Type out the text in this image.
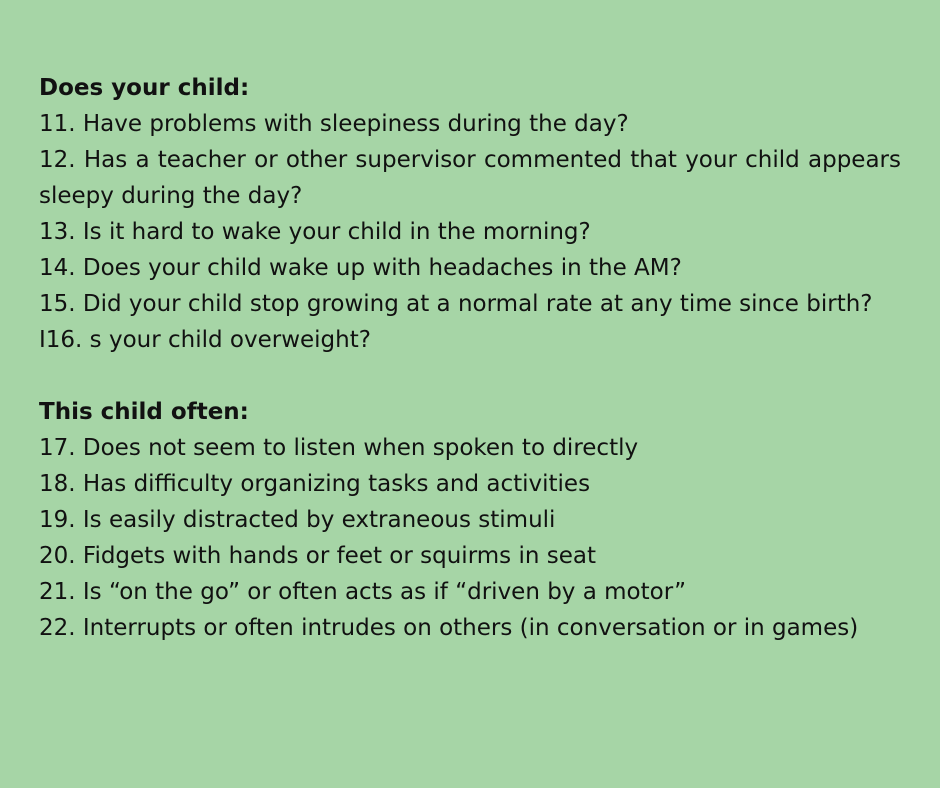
Does your child:
11. Have problems with sleepiness during the day?
12. Has a teacher or other supervisor commented that your child appears sleepy during the day?
13. Is it hard to wake your child in the morning?
14. Does your child wake up with headaches in the AM?
15. Did your child stop growing at a normal rate at any time since birth?
I16. s your child overweight?
This child often:
17. Does not seem to listen when spoken to directly
18. Has difficulty organizing tasks and activities
19. Is easily distracted by extraneous stimuli
20. Fidgets with hands or feet or squirms in seat
21. Is “on the go” or often acts as if “driven by a motor”
22. Interrupts or often intrudes on others (in conversation or in games)
